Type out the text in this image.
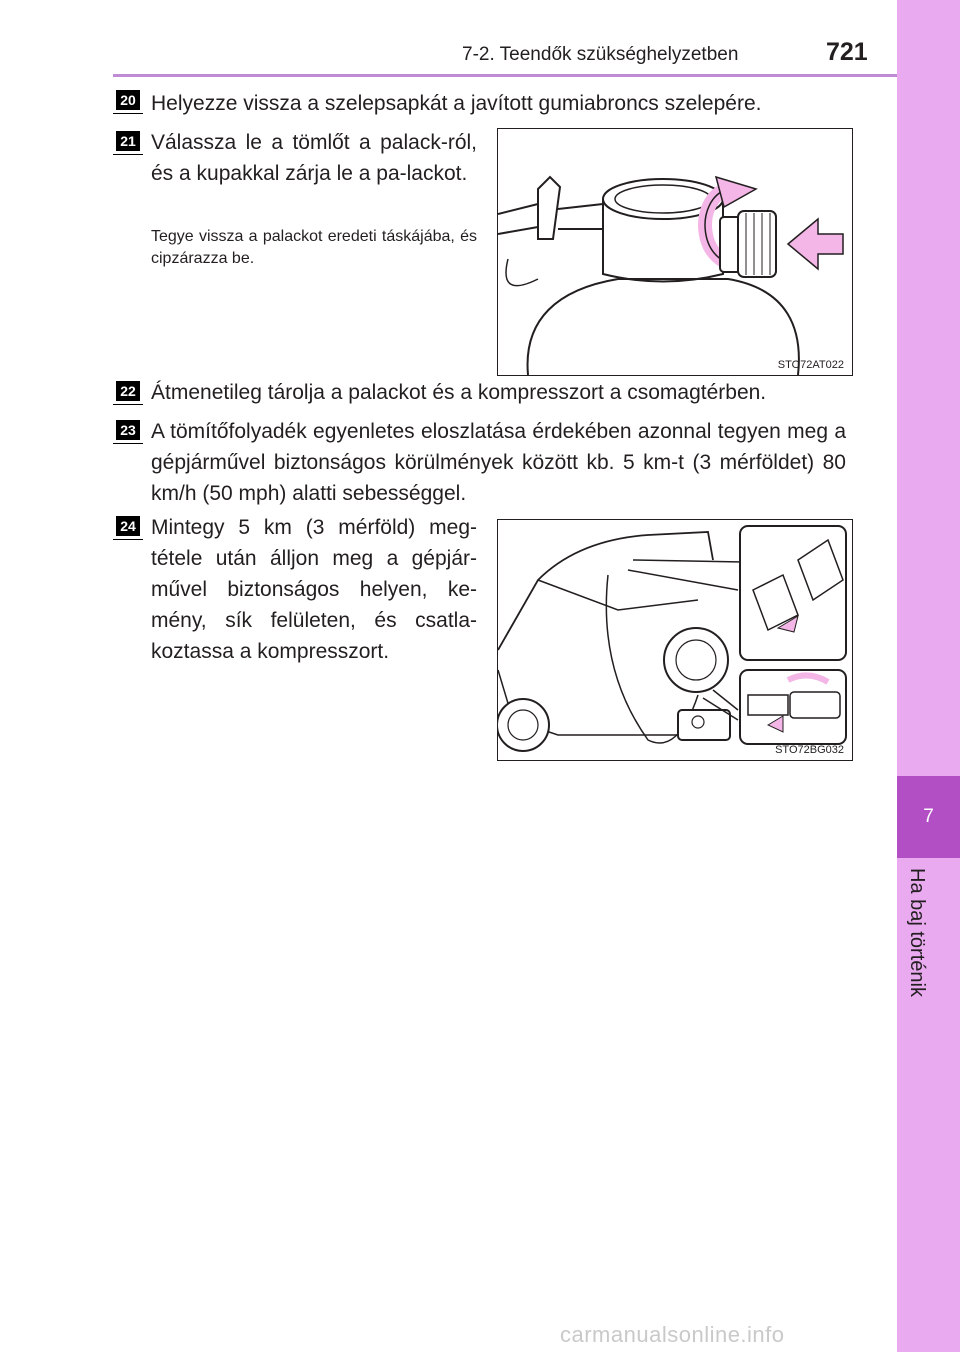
7-2. Teendők szükséghelyzetben	721
7
Ha baj történik
20 Helyezze vissza a szelepsapkát a javított gumiabroncs szelepére.
21 Válassza le a tömlőt a palack-ról, és a kupakkal zárja le a pa-lackot.
Tegye vissza a palackot eredeti táskájába, és cipzárazza be.
STO72AT022
22 Átmenetileg tárolja a palackot és a kompresszort a csomagtérben.
23 A tömítőfolyadék egyenletes eloszlatása érdekében azonnal tegyen meg a gépjárművel biztonságos körülmények között kb. 5 km-t (3 mérföldet) 80 km/h (50 mph) alatti sebességgel.
24 Mintegy 5 km (3 mérföld) meg-tétele után álljon meg a gépjár-művel biztonságos helyen, ke-mény, sík felületen, és csatla-koztassa a kompresszort.
STO72BG032
carmanualsonline.info
